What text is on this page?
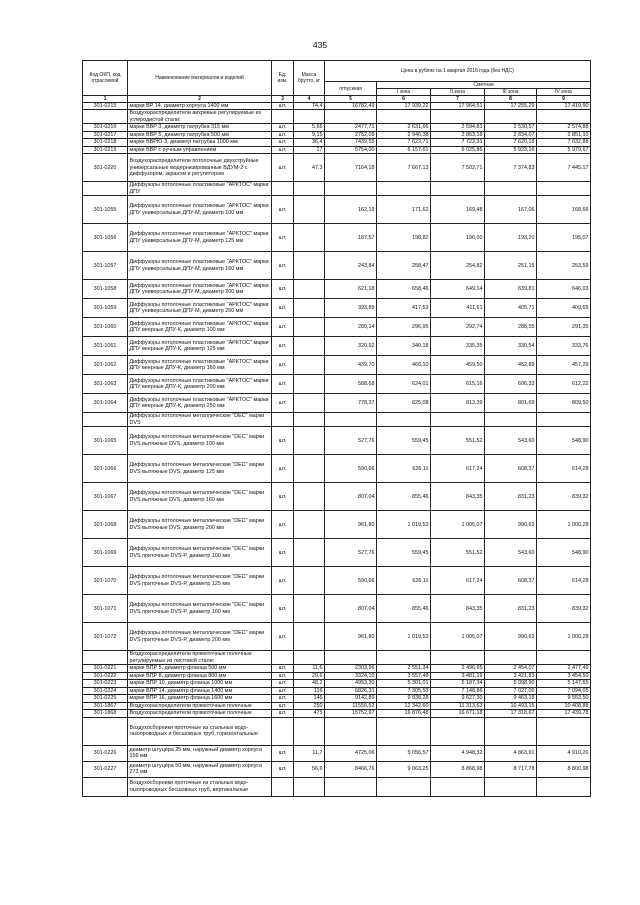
435
Код ОКП, код отраслевой	Наименование материалов и изделий	Ед. изм.	Масса брутто, кг	Цена в рублях на 1 квартал 2016 года (без НДС)				
				отпускная	Сметная			
					I зона	II зона	III зона	IV зона
1	2	3	4	5	6	7	8	9
301-0215	марки ВР 14, диаметр корпуса 1400 мм	шт.	74,4	16782,49	17 939,22	17 964,51	17 255,29	17 410,90
	Воздухораспределители вихревые регулируемые из углеродистой стали:							
301-0216	марки ВВР 3, диаметр патрубка 315 мм	шт.	5,66	2477,71	2 631,66	2 594,81	2 530,57	2 574,88
301-0217	марки ВВР 5, диаметр патрубка 500 мм	шт.	9,15	2752,09	2 946,38	2 863,18	2 834,07	2 851,10
301-0218	марки ВВРЮ-3, диаметр патрубка 1000 мм	шт.	36,4	7439,55	7 622,71	7 722,31	7 620,18	7 632,88
301-0219	марки ВВР с ручным управлением	шт.	17	5754,00	6 157,61	6 025,86	5 923,16	5 979,67
301-0220	Воздухораспределители потолочные двухструйные универсальные модернизированные ВДУМ-2 с диффузором, экраном и регулятором	шт.	47,3	7164,18	7 667,13	7 502,71	7 374,83	7 445,17
	Диффузоры потолочные пластиковые "АРКТОС" марки ДПУ							
301-1055	Диффузоры потолочные пластиковые "АРКТОС" марки ДПУ универсальные ДПУ-М, диаметр 100 мм	шт.		162,19	171,62	169,48	167,06	168,66
301-1056	Диффузоры потолочные пластиковые "АРКТОС" марки ДПУ универсальные ДПУ-М, диаметр 125 мм	шт.		187,57	198,82	196,00	193,20	195,07
301-1057	Диффузоры потолочные пластиковые "АРКТОС" марки ДПУ универсальные ДПУ-М, диаметр 160 мм	шт.		243,84	258,47	254,82	251,15	253,59
301-1058	Диффузоры потолочные пластиковые "АРКТОС" марки ДПУ универсальные ДПУ-М, диаметр 200 мм	шт.		621,18	658,46	649,14	639,81	646,03
301-1059	Диффузоры потолочные пластиковые "АРКТОС" марки ДПУ универсальные ДПУ-М, диаметр 250 мм	шт.		393,89	417,53	411,61	405,71	409,65
301-1060	Диффузоры потолочные пластиковые "АРКТОС" марки ДПУ веерные ДПУ-К, диаметр 100 мм	шт.		280,14	296,95	292,74	288,55	291,35
301-1061	Диффузоры потолочные пластиковые "АРКТОС" марки ДПУ веерные ДПУ-К, диаметр 125 мм	шт.		320,92	340,18	335,35	330,54	333,76
301-1062	Диффузоры потолочные пластиковые "АРКТОС" марки ДПУ веерные ДПУ-К, диаметр 160 мм	шт.		439,70	466,10	459,50	452,89	457,29
301-1063	Диффузоры потолочные пластиковые "АРКТОС" марки ДПУ веерные ДПУ-К, диаметр 200 мм	шт.		588,68	624,01	615,16	606,33	612,22
301-1064	Диффузоры потолочные пластиковые "АРКТОС" марки ДПУ веерные ДПУ-К, диаметр 250 мм	шт.		778,37	825,08	813,39	801,69	809,50
	Диффузоры потолочные металлические "DEC" марки DVS							
301-1065	Диффузоры потолочные металлические "DEC" марки DVS вытяжные DVS, диаметр 100 мм	шт.		527,76	559,45	551,52	543,60	548,90
301-1066	Диффузоры потолочные металлические "DEC" марки DVS вытяжные DVS, диаметр 125 мм	шт.		590,66	626,11	617,24	608,37	614,28
301-1067	Диффузоры потолочные металлические "DEC" марки DVS вытяжные DVS, диаметр 160 мм	шт.		807,04	855,46	843,35	831,23	839,32
301-1068	Диффузоры потолочные металлические "DEC" марки DVS вытяжные DVS, диаметр 200 мм	шт.		961,80	1 019,53	1 005,07	990,63	1 000,28
301-1069	Диффузоры потолочные металлические "DEC" марки DVS приточные DVS-P, диаметр 100 мм	шт.		527,76	559,45	551,52	543,60	548,90
301-1070	Диффузоры потолочные металлические "DEC" марки DVS приточные DVS-P, диаметр 125 мм	шт.		590,66	626,11	617,24	608,37	614,28
301-1071	Диффузоры потолочные металлические "DEC" марки DVS приточные DVS-P, диаметр 160 мм	шт.		807,04	855,46	843,35	831,23	839,32
301-1072	Диффузоры потолочные металлические "DEC" марки DVS приточные DVS-P, диаметр 200 мм	шт.		961,80	1 019,53	1 005,07	990,63	1 000,28
	Воздухораспределители прямоточные полочные регулируемые из листовой стали:							
301-0221	марки ВПР 5, диаметр фланца 500 мм	шт.	11,6	2303,96	2 551,34	2 496,65	2 454,07	2 477,49
301-0222	марки ВПР 8, диаметр фланца 800 мм	шт.	29,6	3324,10	3 557,48	3 481,19	3 421,83	3 454,50
301-0223	марки ВПР 10, диаметр фланца 1000 мм	шт.	48,2	4953,30	5 301,01	5 187,34	5 098,90	5 147,55
301-0224	марки ВПР 14, диаметр фланца 1400 мм	шт.	116	6826,31	7 305,53	7 148,86	7 027,00	7 094,05
301-0225	марки ВПР 16, диаметр фланца 1600 мм	шт.	146	9142,89	9 838,28	9 627,30	9 463,18	9 553,50
301-1867	Воздухораспределители прямоточные полочные	шт.	250	11556,52	12 342,60	11 313,63	10 493,15	10 408,88
301-1868	Воздухораспределители прямоточные полочные	шт.	475	15752,97	16 876,48	16 671,18	17 318,67	17 439,78
	Воздухосборники проточные из стальных водо-газопроводных и бесшовных труб, горизонтальные:							
301-0226	диаметр штуцера 25 мм, наружный диаметр корпуса 159 мм	шт.	11,7	4725,06	5 056,57	4 948,32	4 863,91	4 910,26
301-0227	диаметр штуцера 50 мм, наружный диаметр корпуса 273 мм	шт.	56,6	8466,76	9 063,25	8 868,98	8 717,78	8 800,98
	Воздухосборники проточные из стальных водо-газопроводных бесшовных труб, вертикальные							
